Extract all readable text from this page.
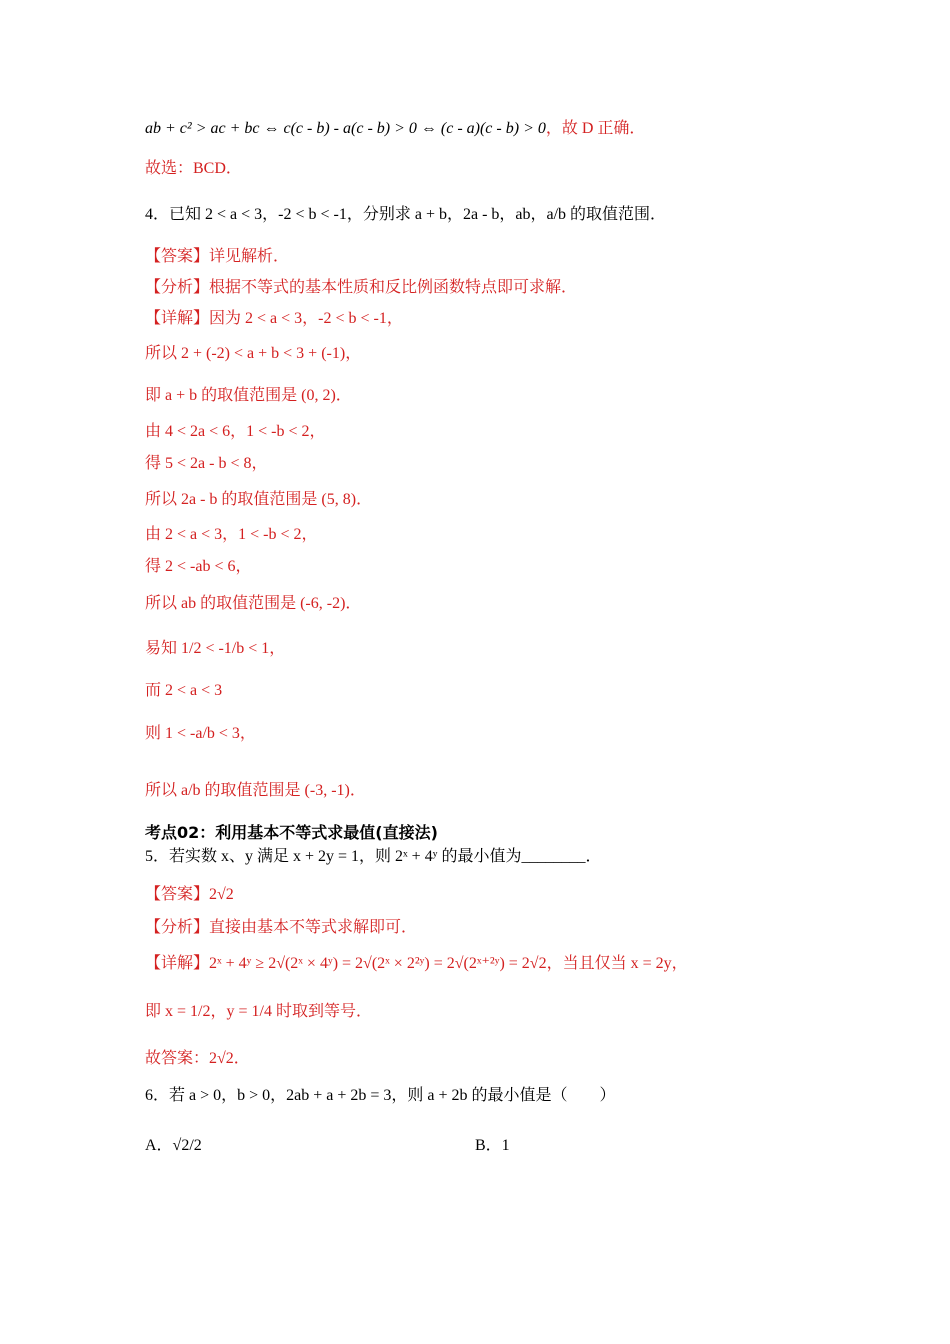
ab + c² > ac + bc ⇔ c(c - b) - a(c - b) > 0 ⇔ (c - a)(c - b) > 0，故 D 正确．
故选：BCD．
4．已知 2 < a < 3，-2 < b < -1，分别求 a + b，2a - b，ab，a/b 的取值范围．
【答案】详见解析．
【分析】根据不等式的基本性质和反比例函数特点即可求解．
【详解】因为 2 < a < 3，-2 < b < -1，
所以 2 + (-2) < a + b < 3 + (-1)，
即 a + b 的取值范围是 (0, 2)．
由 4 < 2a < 6，1 < -b < 2，
得 5 < 2a - b < 8，
所以 2a - b 的取值范围是 (5, 8)．
由 2 < a < 3，1 < -b < 2，
得 2 < -ab < 6，
所以 ab 的取值范围是 (-6, -2)．
易知 1/2 < -1/b < 1，
而 2 < a < 3
则 1 < -a/b < 3，
所以 a/b 的取值范围是 (-3, -1)．
考点02：利用基本不等式求最值(直接法)
5．若实数 x、y 满足 x + 2y = 1，则 2ˣ + 4ʸ 的最小值为________．
【答案】2√2
【分析】直接由基本不等式求解即可．
【详解】2ˣ + 4ʸ ≥ 2√(2ˣ × 4ʸ) = 2√(2ˣ × 2²ʸ) = 2√(2ˣ⁺²ʸ) = 2√2，当且仅当 x = 2y，
即 x = 1/2，y = 1/4 时取到等号．
故答案：2√2．
6．若 a > 0，b > 0，2ab + a + 2b = 3，则 a + 2b 的最小值是（　　）
A．√2/2	B．1
